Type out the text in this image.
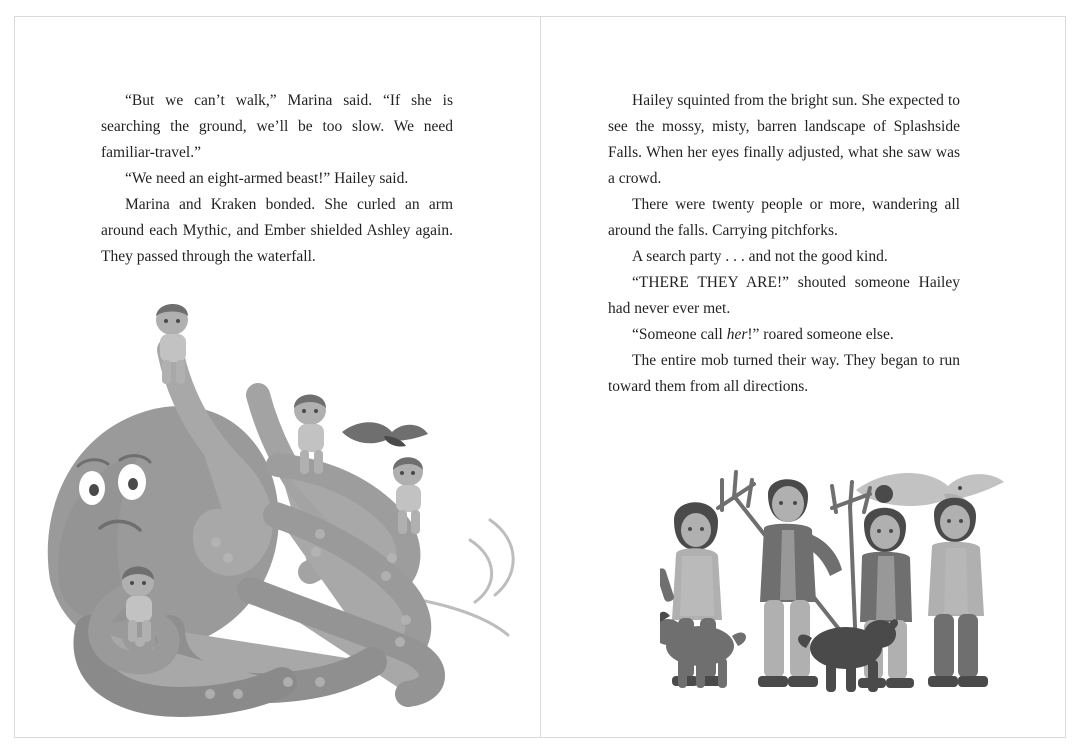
“But we can’t walk,” Marina said. “If she is searching the ground, we’ll be too slow. We need familiar-travel.”

“We need an eight-armed beast!” Hailey said.

Marina and Kraken bonded. She curled an arm around each Mythic, and Ember shielded Ashley again. They passed through the waterfall.

Hailey squinted from the bright sun. She expected to see the mossy, misty, barren landscape of Splashside Falls. When her eyes finally adjusted, what she saw was a crowd.

There were twenty people or more, wandering all around the falls. Carrying pitchforks.

A search party . . . and not the good kind.

“THERE THEY ARE!” shouted someone Hailey had never ever met.

“Someone call her!” roared someone else.

The entire mob turned their way. They began to run toward them from all directions.
